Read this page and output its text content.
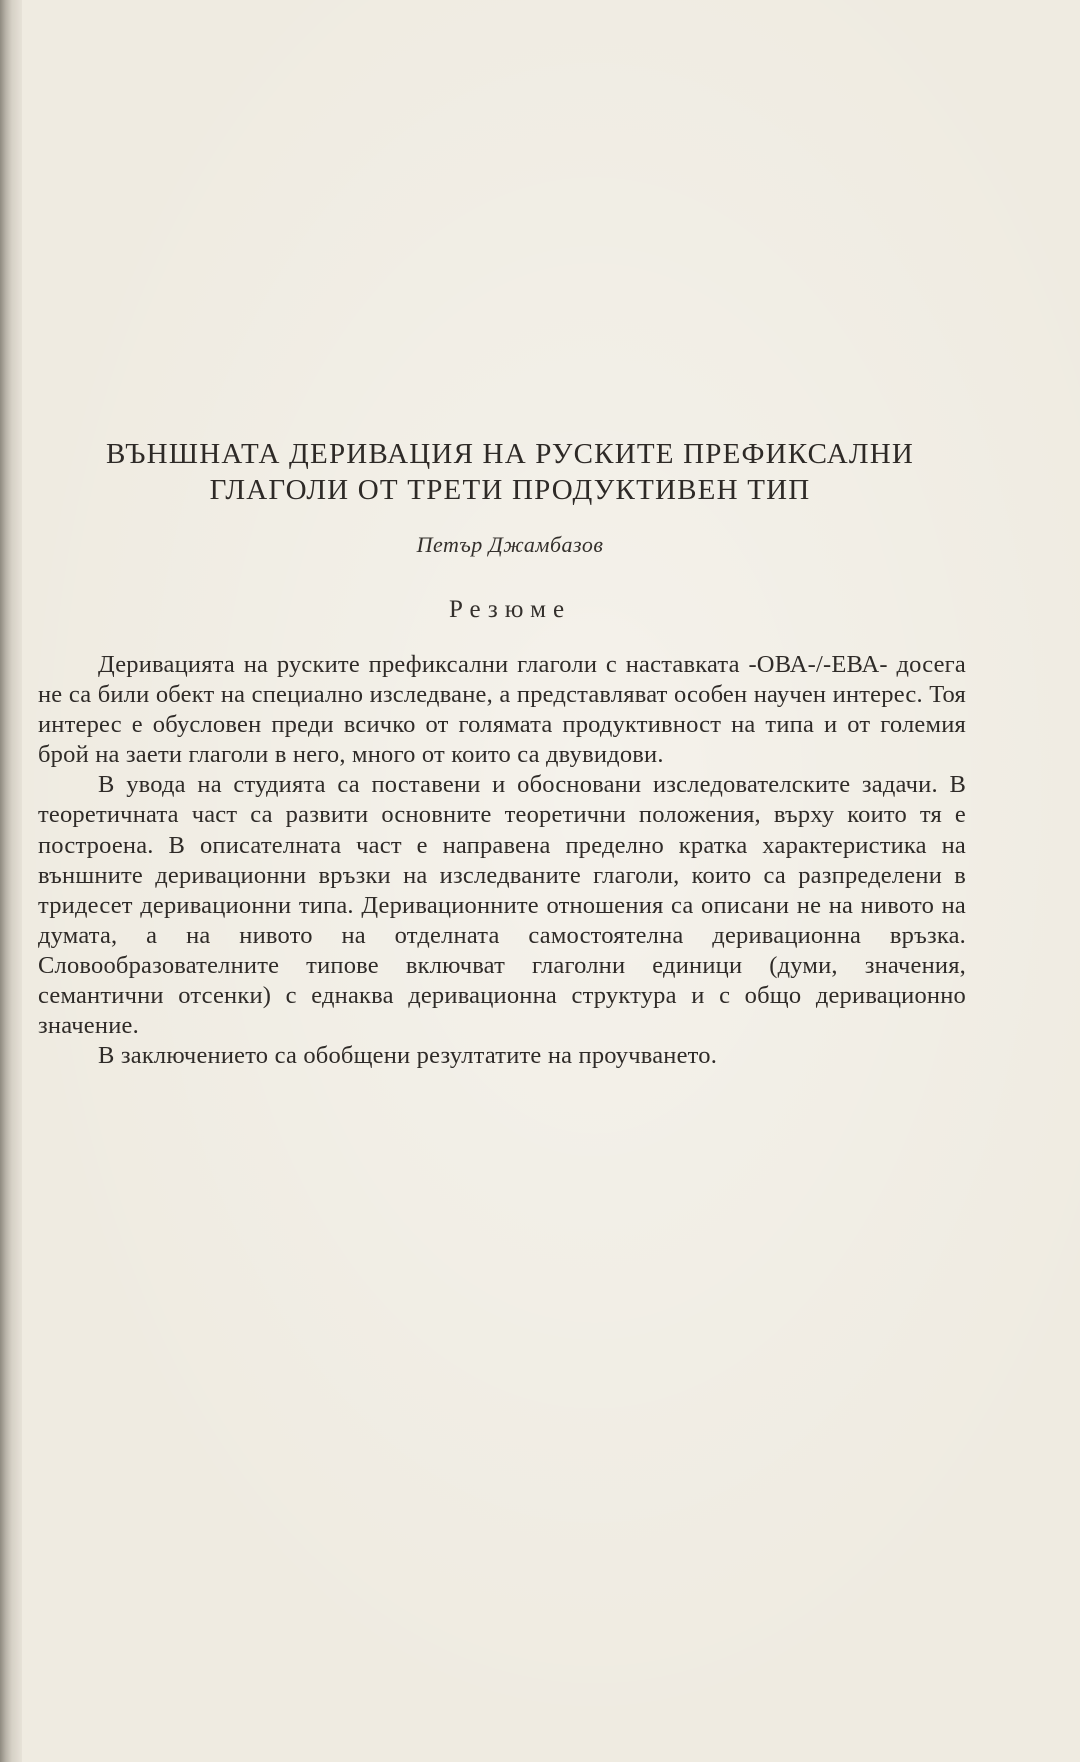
ВЪНШНАТА ДЕРИВАЦИЯ НА РУСКИТЕ ПРЕФИКСАЛНИ
ГЛАГОЛИ ОТ ТРЕТИ ПРОДУКТИВЕН ТИП
Петър Джамбазов
Резюме

Деривацията на руските префиксални глаголи с наставката -ОВА-/-ЕВА- досега не са били обект на специално изследване, а представляват особен научен интерес. Тоя интерес е обусловен преди всичко от голямата продуктивност на типа и от големия брой на заети глаголи в него, много от които са двувидови.

В увода на студията са поставени и обосновани изследователските задачи. В теоретичната част са развити основните теоретични положения, върху които тя е построена. В описателната част е направена пределно кратка характеристика на външните деривационни връзки на изследваните глаголи, които са разпределени в тридесет деривационни типа. Деривационните отношения са описани не на нивото на думата, а на нивото на отделната самостоятелна деривационна връзка. Словообразователните типове включват глаголни единици (думи, значения, семантични отсенки) с еднаква деривационна структура и с общо деривационно значение.

В заключението са обобщени резултатите на проучването.
